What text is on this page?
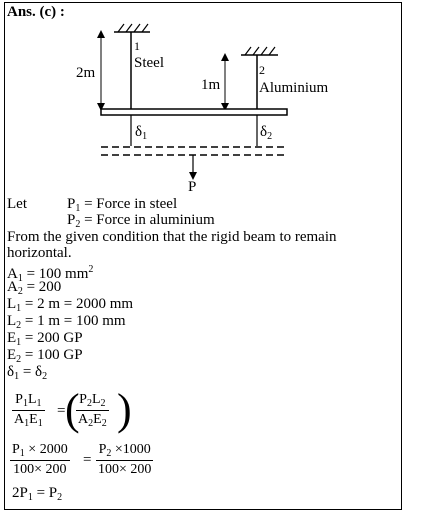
Ans. (c) :
1
Steel	2
Aluminium
2m
1m
$\delta_1$	$\delta_2$
P
Let	$P_1$ = Force in steel
$P_2$ = Force in aluminium
From the given condition that the rigid beam to remain
horizontal.
$A_1 = 100$ $mm^2$
$A_2 = 200$
$L_1 = 2$ m = 2000 mm
$L_2 = 1$ m = 100 mm
$E_1 = 200$ GP
$E_2 = 100$ GP
$\delta_1 = \delta_2$
$\frac{P_1L_1}{A_1E_1}$ = (
$\frac{P_2L_2}{A_2E_2}$ )
$\frac{P_1 \times 2000}{100\times 200} = \frac{P_2 \times 1000}{100\times 200}$
$2P_1 = P_2$
